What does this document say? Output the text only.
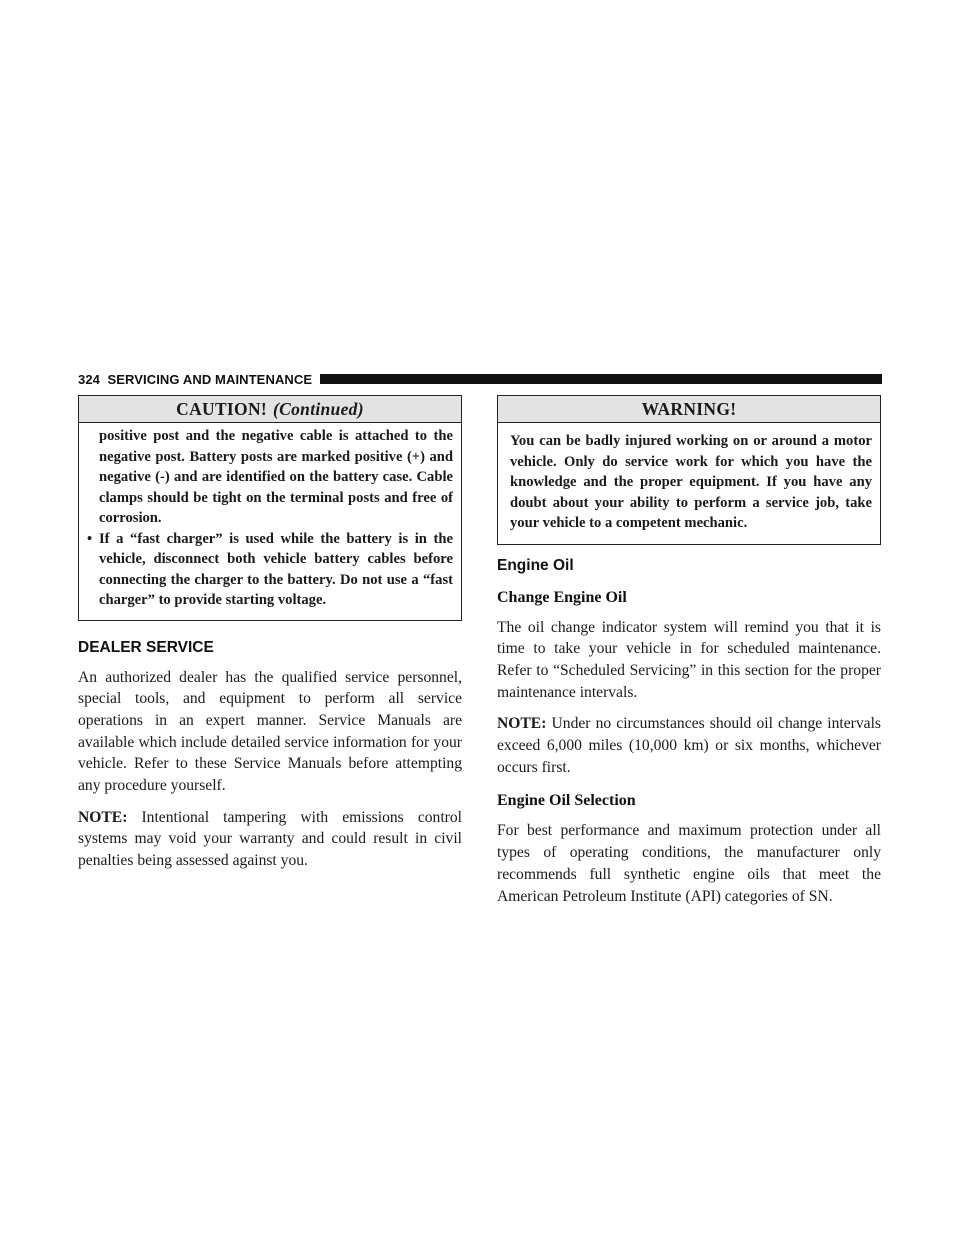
324 SERVICING AND MAINTENANCE
CAUTION! (Continued)
positive post and the negative cable is attached to the negative post. Battery posts are marked positive (+) and negative (-) and are identified on the battery case. Cable clamps should be tight on the terminal posts and free of corrosion.
• If a “fast charger” is used while the battery is in the vehicle, disconnect both vehicle battery cables before connecting the charger to the battery. Do not use a “fast charger” to provide starting voltage.
DEALER SERVICE

An authorized dealer has the qualified service personnel, special tools, and equipment to perform all service operations in an expert manner. Service Manuals are available which include detailed service information for your vehicle. Refer to these Service Manuals before attempting any procedure yourself.

NOTE: Intentional tampering with emissions control systems may void your warranty and could result in civil penalties being assessed against you.

WARNING!
You can be badly injured working on or around a motor vehicle. Only do service work for which you have the knowledge and the proper equipment. If you have any doubt about your ability to perform a service job, take your vehicle to a competent mechanic.
Engine Oil
Change Engine Oil

The oil change indicator system will remind you that it is time to take your vehicle in for scheduled maintenance. Refer to “Scheduled Servicing” in this section for the proper maintenance intervals.

NOTE: Under no circumstances should oil change intervals exceed 6,000 miles (10,000 km) or six months, whichever occurs first.

Engine Oil Selection

For best performance and maximum protection under all types of operating conditions, the manufacturer only recommends full synthetic engine oils that meet the American Petroleum Institute (API) categories of SN.
